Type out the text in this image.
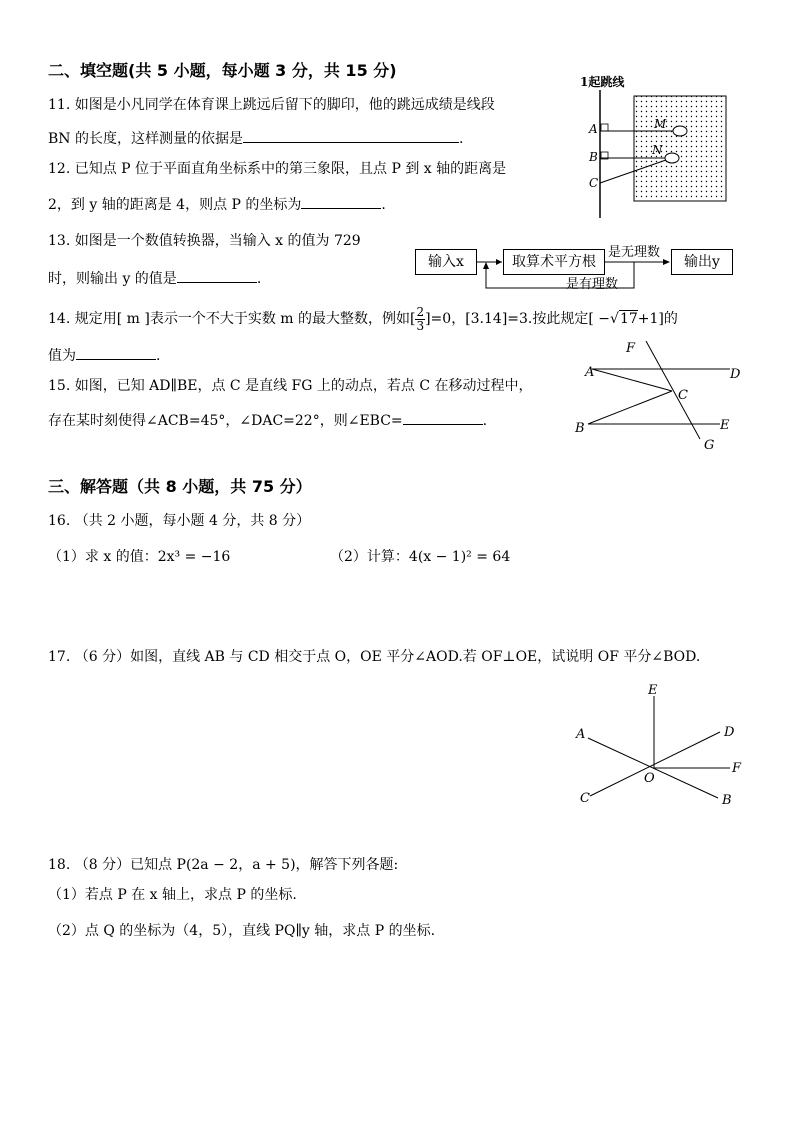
二、填空题(共 5 小题，每小题 3 分，共 15 分)
11. 如图是小凡同学在体育课上跳远后留下的脚印，他的跳远成绩是线段
BN 的长度，这样测量的依据是	.
1起跳线
A	M
B	N
C
12. 已知点 P 位于平面直角坐标系中的第三象限，且点 P 到 x 轴的距离是
2，到 y 轴的距离是 4，则点 P 的坐标为	.
13. 如图是一个数值转换器，当输入 x 的值为 729
时，则输出 y 的值是	.
输入x	取算术平方根
是无理数
输出y
是有理数
14. 规定用[ m ]表示一个不大于实数 m 的最大整数，例如[ $\frac{2}{3} ]=0$，[3.14]=3.按此规定[ −√17+1]的
值为	.
15. 如图，已知 AD∥BE，点 C 是直线 FG 上的动点，若点 C 在移动过程中，
存在某时刻使得∠ACB=45°，∠DAC=22°，则∠EBC=	.
F
A	D
C
B	E
G
三、解答题（共 8 小题，共 75 分）
16. （共 2 小题，每小题 4 分，共 8 分）
（1）求 x 的值：2x³ = −16	（2）计算：4(x − 1)² = 64
17. （6 分）如图，直线 AB 与 CD 相交于点 O，OE 平分∠AOD.若 OF⊥OE，试说明 OF 平分∠BOD.
E
A	D
F
O
C	B
18. （8 分）已知点 P(2a − 2，a + 5)，解答下列各题:
（1）若点 P 在 x 轴上，求点 P 的坐标.
（2）点 Q 的坐标为（4，5），直线 PQ∥y 轴，求点 P 的坐标.
